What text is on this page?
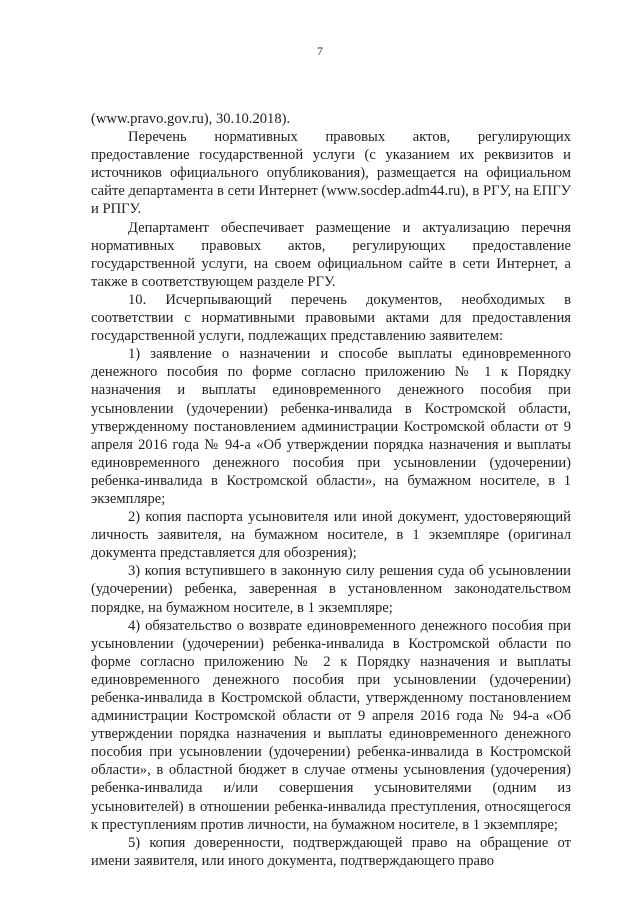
7

(www.pravo.gov.ru), 30.10.2018).

Перечень нормативных правовых актов, регулирующих предоставление государственной услуги (с указанием их реквизитов и источников официального опубликования), размещается на официальном сайте департамента в сети Интернет (www.socdep.adm44.ru), в РГУ, на ЕПГУ и РПГУ.

Департамент обеспечивает размещение и актуализацию перечня нормативных правовых актов, регулирующих предоставление государственной услуги, на своем официальном сайте в сети Интернет, а также в соответствующем разделе РГУ.

10. Исчерпывающий перечень документов, необходимых в соответствии с нормативными правовыми актами для предоставления государственной услуги, подлежащих представлению заявителем:

1) заявление о назначении и способе выплаты единовременного денежного пособия по форме согласно приложению № 1 к Порядку назначения и выплаты единовременного денежного пособия при усыновлении (удочерении) ребенка-инвалида в Костромской области, утвержденному постановлением администрации Костромской области от 9 апреля 2016 года № 94-а «Об утверждении порядка назначения и выплаты единовременного денежного пособия при усыновлении (удочерении) ребенка-инвалида в Костромской области», на бумажном носителе, в 1 экземпляре;

2) копия паспорта усыновителя или иной документ, удостоверяющий личность заявителя, на бумажном носителе, в 1 экземпляре (оригинал документа представляется для обозрения);

3) копия вступившего в законную силу решения суда об усыновлении (удочерении) ребенка, заверенная в установленном законодательством порядке, на бумажном носителе, в 1 экземпляре;

4) обязательство о возврате единовременного денежного пособия при усыновлении (удочерении) ребенка-инвалида в Костромской области по форме согласно приложению № 2 к Порядку назначения и выплаты единовременного денежного пособия при усыновлении (удочерении) ребенка-инвалида в Костромской области, утвержденному постановлением администрации Костромской области от 9 апреля 2016 года № 94-а «Об утверждении порядка назначения и выплаты единовременного денежного пособия при усыновлении (удочерении) ребенка-инвалида в Костромской области», в областной бюджет в случае отмены усыновления (удочерения) ребенка-инвалида и/или совершения усыновителями (одним из усыновителей) в отношении ребенка-инвалида преступления, относящегося к преступлениям против личности, на бумажном носителе, в 1 экземпляре;

5) копия доверенности, подтверждающей право на обращение от имени заявителя, или иного документа, подтверждающего право
